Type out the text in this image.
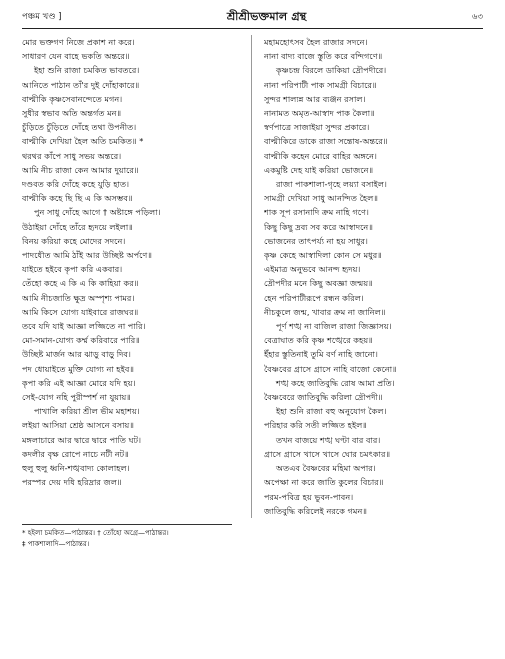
পঞ্চম খণ্ড ]	শ্রীশ্রীভক্তমাল গ্রন্থ	৬৩
মোর ভক্তগণ নিজে প্রকাশ না করে।
সাধারণ যেন বাহে ভকতি অন্তরে॥
ইহা শুনি রাজা চমকিত ভাবতরে।
আনিতে পাঠান তাঁ'র দুই দোঁহাকারে॥
বাল্মীকি কৃষ্ণসেবানন্দেতে মগন।
সুধীর স্বভাব অতি অন্তর্গত মন॥
চুঁড়িতে চুঁড়িতে দোঁহে তথা উপনীত।
বাল্মীকি দেখিয়া হৈল অতি চমকিত॥ *
থরথর কাঁপে সাধু সভয় অন্তরে।
আমি নীচ রাজা কেন আমার দুয়ারে॥
দণ্ডবত করি দোঁহে কহে যুড়ি হাত।
বাল্মীকি কহে ছি ছি এ কি অসম্ভব॥
পুন সাধু দোঁহে আগে † অষ্টাঙ্গে পড়িলা।
উঠাইয়া দোঁহে তাঁরে হৃদয়ে লইলা॥
বিনয় করিয়া কহে মোদের সদনে।
পাদধৌত আমি ঠাঁই আর উচ্ছিষ্ট অর্পণে॥
যাইতে হইবে কৃপা করি একবার।
তেঁহো কহে এ কি এ কি কাহিয়া কর॥
আমি নীচজাতি ক্ষুদ্র অস্পৃশ্য পামর।
আমি কিসে যোগ্য যাইবারে রাজঘর॥
তবে যদি যাই আজ্ঞা লজ্জিতে না পারি।
মো-সমান-যোগ্য কর্ম্ম করিবারে পারি॥
উচ্ছিষ্ট মার্জন আর ঝাড়ু বাড়ু দিব।
পদ ধোয়াইতে মুক্তি যোগ্য না হইব॥
কৃপা করি এই আজ্ঞা মোরে যদি হয়।
সেই-যোগ নহি পুরীস্পর্শ না যুয়ায়॥
পাখালি করিয়া শ্রীল ভীম মহাশয়।
লইয়া আসিয়া শ্রেষ্ঠ আসনে বসায়॥
মঙ্গলাচারে আর দ্বারে দ্বারে পাতি ঘট।
কদলীর বৃক্ষ রোপে নাচে নটী নট॥
হুলু হুলু ধ্বনি-শঙ্খবাদ্য কোলাহল।
পরস্পর দেয় দধি হরিদ্রার জল॥
মহামহোৎসব হৈল রাজার সদনে।
নানা বাদ্য বাজে স্তুতি করে বন্দিগণে॥
কৃষ্ণচন্দ্র বিরলে ডাকিয়া দ্রৌপদীরে।
নানা পরিপাটী পাক সামগ্রী বিচারে॥
সুন্দর শাল্যন্ন আর ব্যঞ্জন রসাল।
নানামত অমৃত-আস্বাদ পাক কৈলা॥
স্বর্ণপাত্রে সাজাইয়া সুন্দর প্রকারে।
বাল্মীকিরে ডাকে রাজা সন্তোষ-অন্তরে॥
বাল্মীকি কহেন মোরে বাহির অঙ্গনে।
একমুষ্টি দেহ যাই করিয়া ভোজনে॥
রাজা পাকশালা-গৃহে লয়্যা বসাইল।
সামগ্রী দেখিয়া সাধু আনন্দিত হৈল॥
শাক সূপ রসানাদি ক্রম নাহি গণে।
কিছু কিছু দ্রব্য সব করে আস্বাদনে॥
ভোজনের তাৎপর্য্য না হয় সাধুর।
কৃষ্ণ কেহে আস্বাদিলা কোন সে মধুর॥
এইমাত্র অনুভবে আনন্দ হৃদয়।
দ্রৌপদীর মনে কিছু অবজ্ঞা জন্ময়॥
হেন পরিপাটীরূপে রন্ধন করিল।
নীচকুলে জন্ম, খাবার ক্রম না জানিল॥
পূর্ণ শঙ্খ না বাজিল রাজা জিজ্ঞাসয়।
বেত্রাঘাত করি কৃষ্ণ শঙ্খেরে কহয়॥
ইঁহার স্তুতিনাই তুমি বর্ণ নাহি জানো।
বৈষ্ণবের গ্রাসে গ্রাসে নাহি বাজো কেনো॥
শঙ্খ কহে জাতিবুদ্ধি রোষ আমা প্রতি।
বৈষ্ণবেরে জাতিবুদ্ধি করিলা দ্রৌপদী॥
ইহা শুনি রাজা বহু অনুযোগ কৈল।
পরিহার করি সতী লজ্জিত হইল॥
তখন বাজয়ে শঙ্খ ঘণ্টা বার বার।
গ্রাসে গ্রাসে খাসে খাসে ঘোর চমৎকার॥
অতএব বৈষ্ণবের মহিমা অপার।
অপেক্ষা না করে জাতি কুলের বিচার॥
পরম-পবিত্র হয় ভুবন-পাবন।
জাতিবুদ্ধি করিলেই নরকে গমন॥
* হইলা চমকিত—পাঠান্তর। † তোঁহো অগ্রে—পাঠান্তর।
‡ পাকশালাদি—পাঠান্তর।
